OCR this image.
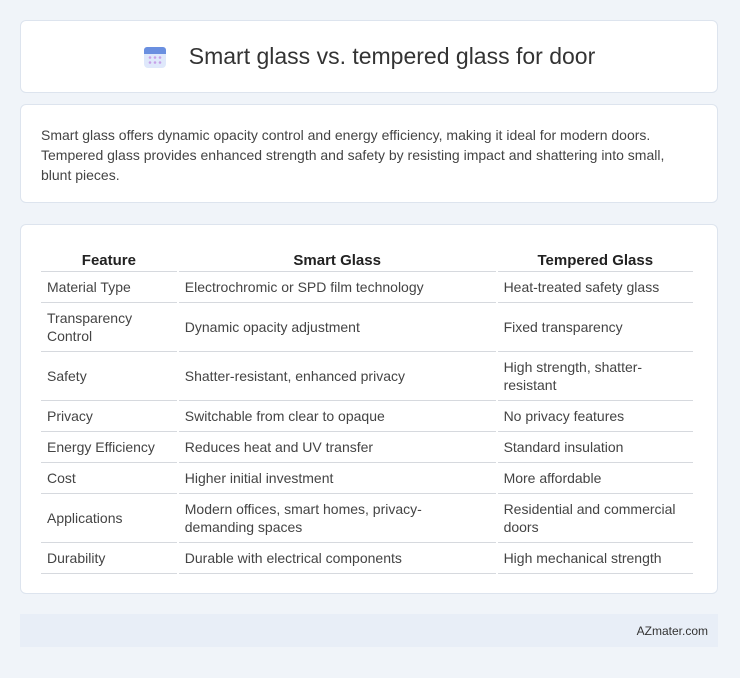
Smart glass vs. tempered glass for door
Smart glass offers dynamic opacity control and energy efficiency, making it ideal for modern doors. Tempered glass provides enhanced strength and safety by resisting impact and shattering into small, blunt pieces.
Feature	Smart Glass	Tempered Glass
Material Type	Electrochromic or SPD film technology	Heat-treated safety glass
Transparency Control	Dynamic opacity adjustment	Fixed transparency
Safety	Shatter-resistant, enhanced privacy	High strength, shatter-resistant
Privacy	Switchable from clear to opaque	No privacy features
Energy Efficiency	Reduces heat and UV transfer	Standard insulation
Cost	Higher initial investment	More affordable
Applications	Modern offices, smart homes, privacy-demanding spaces	Residential and commercial doors
Durability	Durable with electrical components	High mechanical strength
AZmater.com
